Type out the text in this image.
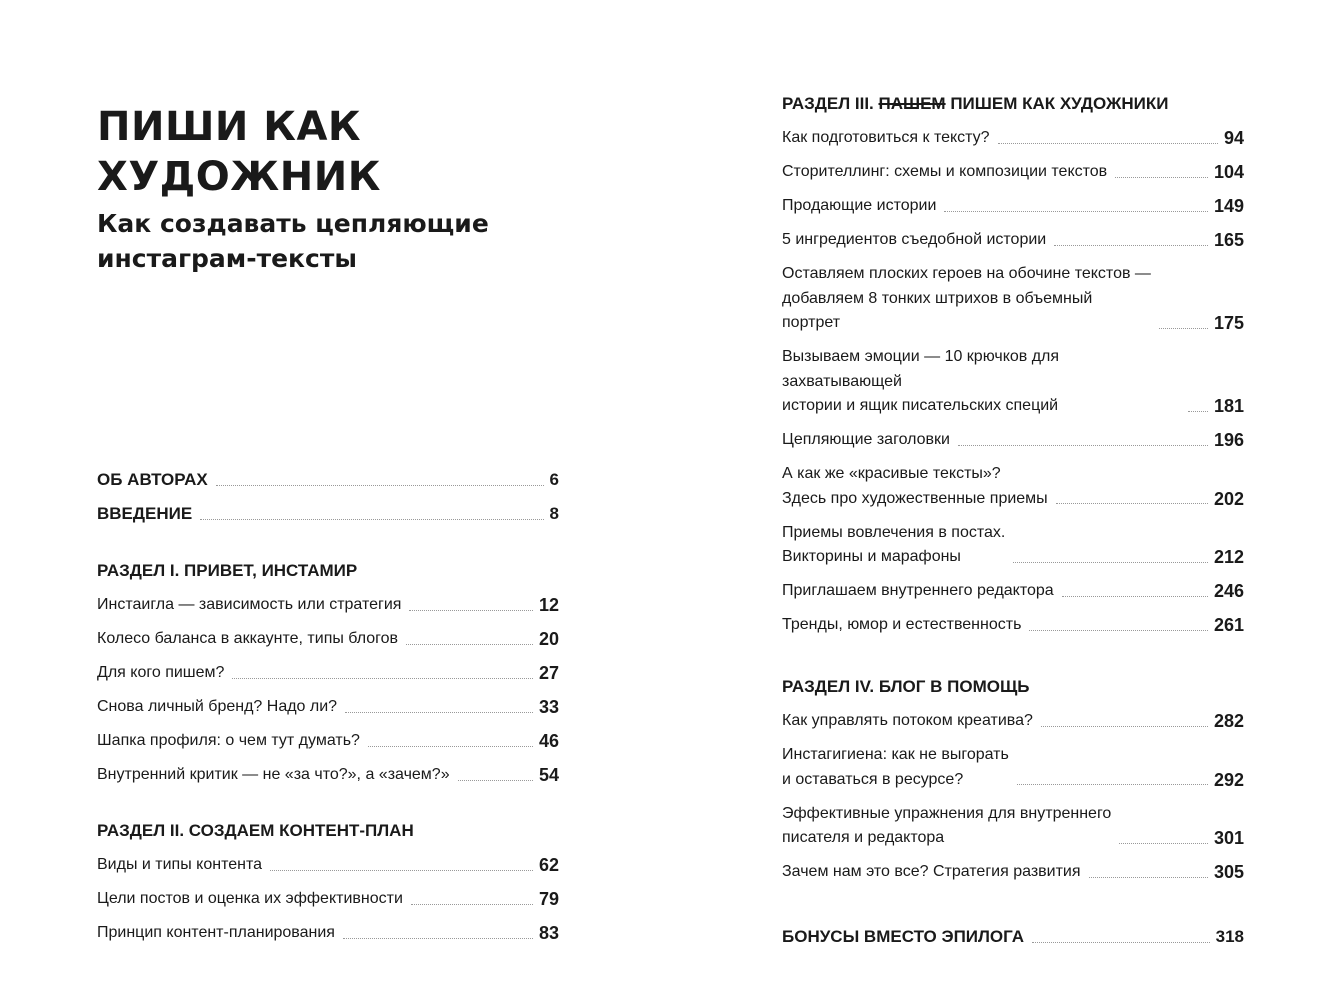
ПИШИ КАК ХУДОЖНИК
Как создавать цепляющие
инстаграм-тексты
ОБ АВТОРАХ	6
ВВЕДЕНИЕ	8
РАЗДЕЛ I. ПРИВЕТ, ИНСТАМИР
Инстаигла — зависимость или стратегия	12
Колесо баланса в аккаунте, типы блогов	20
Для кого пишем?	27
Снова личный бренд? Надо ли?	33
Шапка профиля: о чем тут думать?	46
Внутренний критик — не «за что?», а «зачем?»	54
РАЗДЕЛ II. СОЗДАЕМ КОНТЕНТ-ПЛАН
Виды и типы контента	62
Цели постов и оценка их эффективности	79
Принцип контент-планирования	83
РАЗДЕЛ III. ПАШЕМ ПИШЕМ КАК ХУДОЖНИКИ
Как подготовиться к тексту?	94
Сторителлинг: схемы и композиции текстов	104
Продающие истории	149
5 ингредиентов съедобной истории	165
Оставляем плоских героев на обочине текстов —
добавляем 8 тонких штрихов в объемный
портрет	175
Вызываем эмоции — 10 крючков для захватывающей
истории и ящик писательских специй	181
Цепляющие заголовки	196
А как же «красивые тексты»?
Здесь про художественные приемы	202
Приемы вовлечения в постах.
Викторины и марафоны	212
Приглашаем внутреннего редактора	246
Тренды, юмор и естественность	261
РАЗДЕЛ IV. БЛОГ В ПОМОЩЬ
Как управлять потоком креатива?	282
Инстагигиена: как не выгорать
и оставаться в ресурсе?	292
Эффективные упражнения для внутреннего
писателя и редактора	301
Зачем нам это все? Стратегия развития	305
БОНУСЫ ВМЕСТО ЭПИЛОГА	318
